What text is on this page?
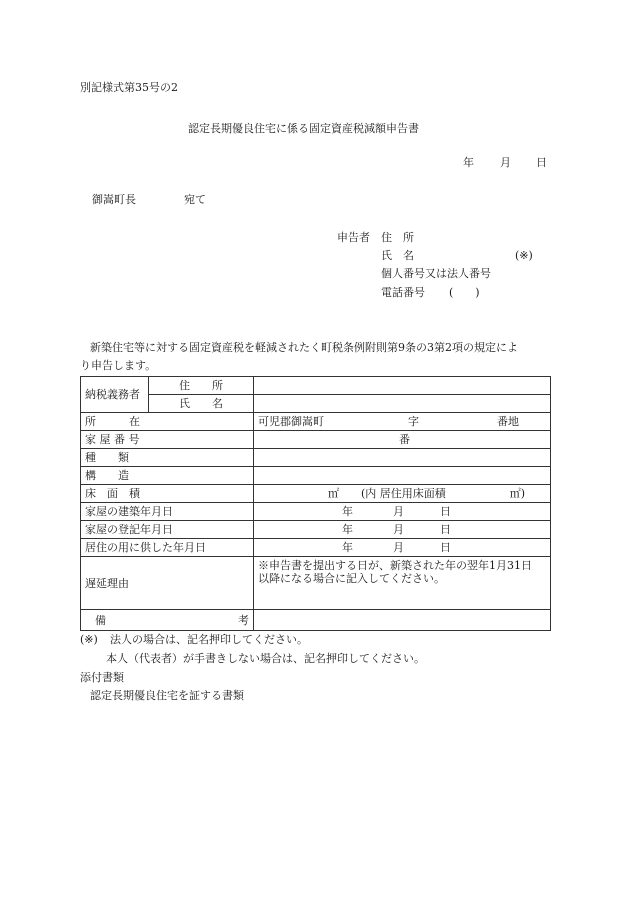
別記様式第35号の2
認定長期優良住宅に係る固定資産税減額申告書
年 月 日
御嵩町長	宛て
申告者 住　所
氏　名	(※)
個人番号又は法人番号
電話番号 (　　)
新築住宅等に対する固定資産税を軽減されたく町税条例附則第9条の3第2項の規定によ
り申告します。
納税義務者	住　　所	
	氏　　名	
所　　　在		可児郡御嵩町 字 番地
家 屋 番 号		番
種　　類		
構　　造		
床　面　積		㎡ (内 居住用床面積 ㎡)
家屋の建築年月日		年 月 日
家屋の登記年月日		年 月 日
居住の用に供した年月日		年 月 日
遅延理由		※申告書を提出する日が、新築された年の翌年1月31日
以降になる場合に記入してください。

備 考		

(※) 法人の場合は、記名押印してください。
本人（代表者）が手書きしない場合は、記名押印してください。
添付書類
認定長期優良住宅を証する書類
